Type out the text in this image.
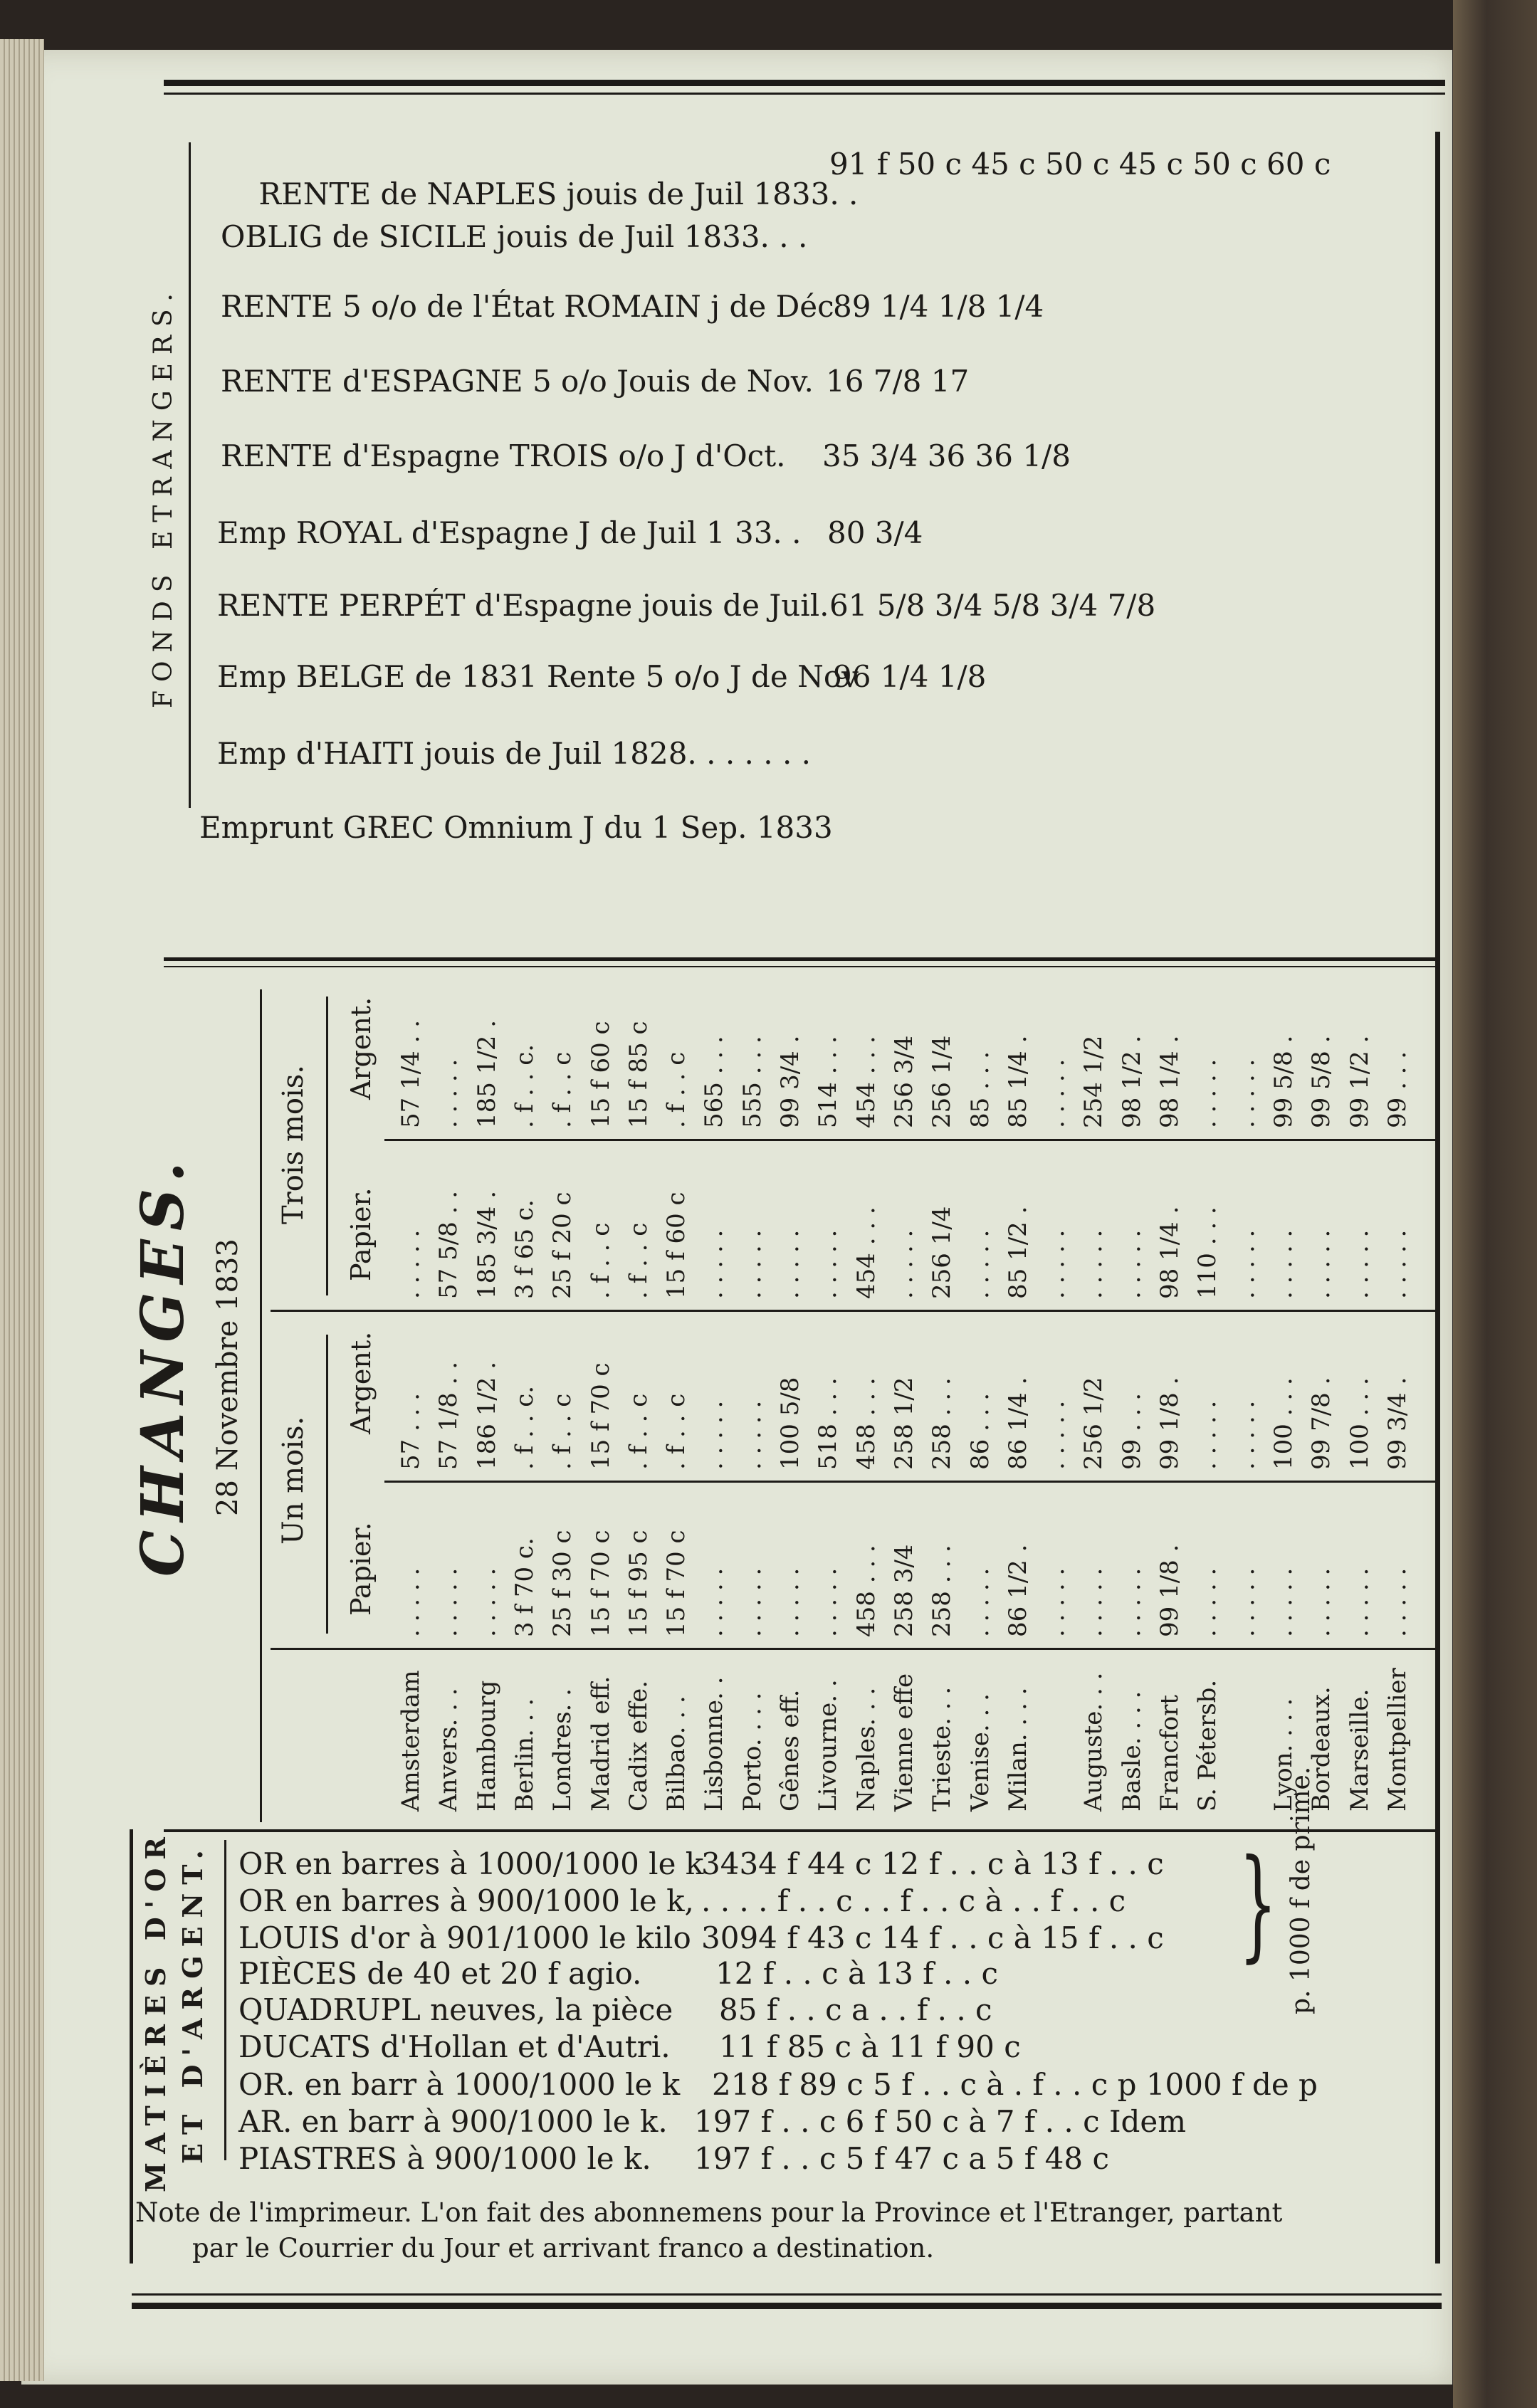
FONDS ETRANGERS.

RENTE de NAPLES jouis de Juil 1833. .

91 f 50 c 45 c 50 c 45 c 50 c 60 c
OBLIG de SICILE jouis de Juil 1833. . .
RENTE 5 o/o de l'État ROMAIN j de Déc
89 1/4 1/8 1/4
RENTE d'ESPAGNE 5 o/o Jouis de Nov. 16 7/8 17
RENTE d'Espagne TROIS o/o J d'Oct. 35 3/4 36 36 1/8
Emp ROYAL d'Espagne J de Juil 1 33. . 80 3/4
RENTE PERPÉT d'Espagne jouis de Juil. 61 5/8 3/4 5/8 3/4 7/8
Emp BELGE de 1831 Rente 5 o/o J de Nov
96 1/4 1/8
Emp d'HAITI jouis de Juil 1828. . . . . . .
Emprunt GREC Omnium J du 1 Sep. 1833
CHANGES. 28 Novembre 1833
Trois mois.
Un mois.
Argent.
Papier.
Argent.
Papier.
Amsterdam
. . . . .
57 . . .
. . . . .
57 1/4 . .
Anvers. . .
. . . . .
57 1/8 . .
57 5/8 . .
. . . . .
Hambourg
. . . . .
186 1/2 .
185 3/4 .
185 1/2 .
Berlin. . .
3 f 70 c.
. f . . c.
3 f 65 c.
. f . . c.
Londres. .
25 f 30 c
. f . . c
25 f 20 c
. f . . c
Madrid eff.
15 f 70 c
15 f 70 c
. f . . c
15 f 60 c
Cadix effe.
15 f 95 c
. f . . c
. f . . c
15 f 85 c
Bilbao. . .
15 f 70 c
. f . . c
15 f 60 c
. f . . c
Lisbonne. .
. . . . .
. . . . .
. . . . .
565 . . .
Porto. . . .
. . . . .
. . . . .
. . . . .
555 . . .
Gênes eff.
. . . . .
100 5/8
. . . . .
99 3/4 .
Livourne. .
. . . . .
518 . . .
. . . . .
514 . . .
Naples. . .
458 . . .
458 . . .
454 . . .
454 . . .
Vienne effe
258 3/4
258 1/2
. . . . .
256 3/4
Trieste. . .
258 . . .
258 . . .
256 1/4
256 1/4
Venise. . .
. . . . .
86 . . .
. . . . .
85 . . .
Milan. . . .
86 1/2 .
86 1/4 .
85 1/2 .
85 1/4 .
. . . . .
. . . . .
. . . . .
. . . . .
Auguste. . .
. . . . .
256 1/2
. . . . .
254 1/2
Basle. . . .
. . . . .
99 . . .
. . . . .
98 1/2 .
Francfort
99 1/8 .
99 1/8 .
98 1/4 .
98 1/4 .
S. Pétersb.
. . . . .
. . . . .
110 . . .
. . . . .
. . . . .
. . . . .
. . . . .
. . . . .
Lyon. . . .
. . . . .
100 . . .
. . . . .
99 5/8 .
Bordeaux.
. . . . .
99 7/8 .
. . . . .
99 5/8 .
Marseille.
. . . . .
100 . . .
. . . . .
99 1/2 .
Montpellier
. . . . .
99 3/4 .
. . . . .
99 . . .
MATIÈRES D'OR ET D'ARGENT. OR en barres à 1000/1000 le k
3434 f 44 c 12 f . . c à 13 f . . c
OR en barres à 900/1000 le k, . . . . f . . c . . f . . c à . . f . . c
LOUIS d'or à 901/1000 le kilo 3094 f 43 c 14 f . . c à 15 f . . c
PIÈCES de 40 et 20 f agio. 12 f . . c à 13 f . . c
QUADRUPL neuves, la pièce 85 f . . c a . . f . . c
DUCATS d'Hollan et d'Autri. 11 f 85 c à 11 f 90 c
OR. en barr à 1000/1000 le k 218 f 89 c 5 f . . c à . f . . c p 1000 f de p
AR. en barr à 900/1000 le k. 197 f . . c 6 f 50 c à 7 f . . c Idem
PIASTRES à 900/1000 le k. 197 f . . c 5 f 47 c a 5 f 48 c
} p. 1000 f de prime.
Note de l'imprimeur. L'on fait des abonnemens pour la Province et l'Etranger, partant
par le Courrier du Jour et arrivant franco a destination.
